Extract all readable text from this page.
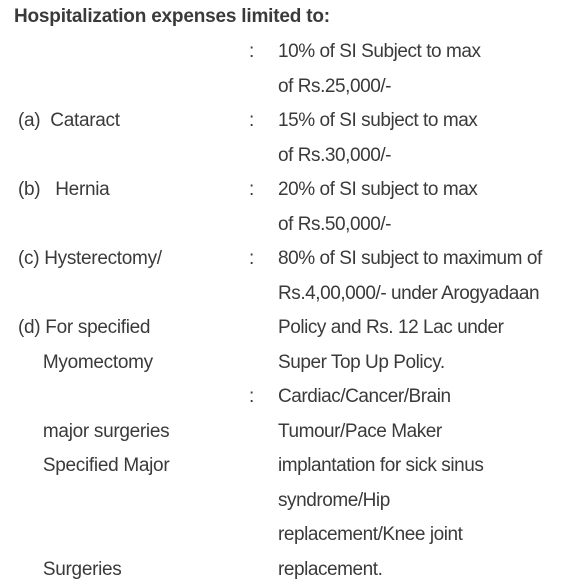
Hospitalization expenses limited to:

(a)  Cataract

: 10% of SI Subject to max
of Rs.25,000/-

(b)   Hernia

: 15% of SI subject to max
of Rs.30,000/-

(c) Hysterectomy/

Myomectomy

: 20% of SI subject to max
of Rs.50,000/-

(d) For specified

major surgeries

: 80% of SI subject to maximum of
Rs.4,00,000/- under Arogyadaan
Policy and Rs. 12 Lac under
Super Top Up Policy.

Specified Major

Surgeries

: Cardiac/Cancer/Brain
Tumour/Pace Maker
implantation for sick sinus
syndrome/Hip
replacement/Knee joint
replacement.
